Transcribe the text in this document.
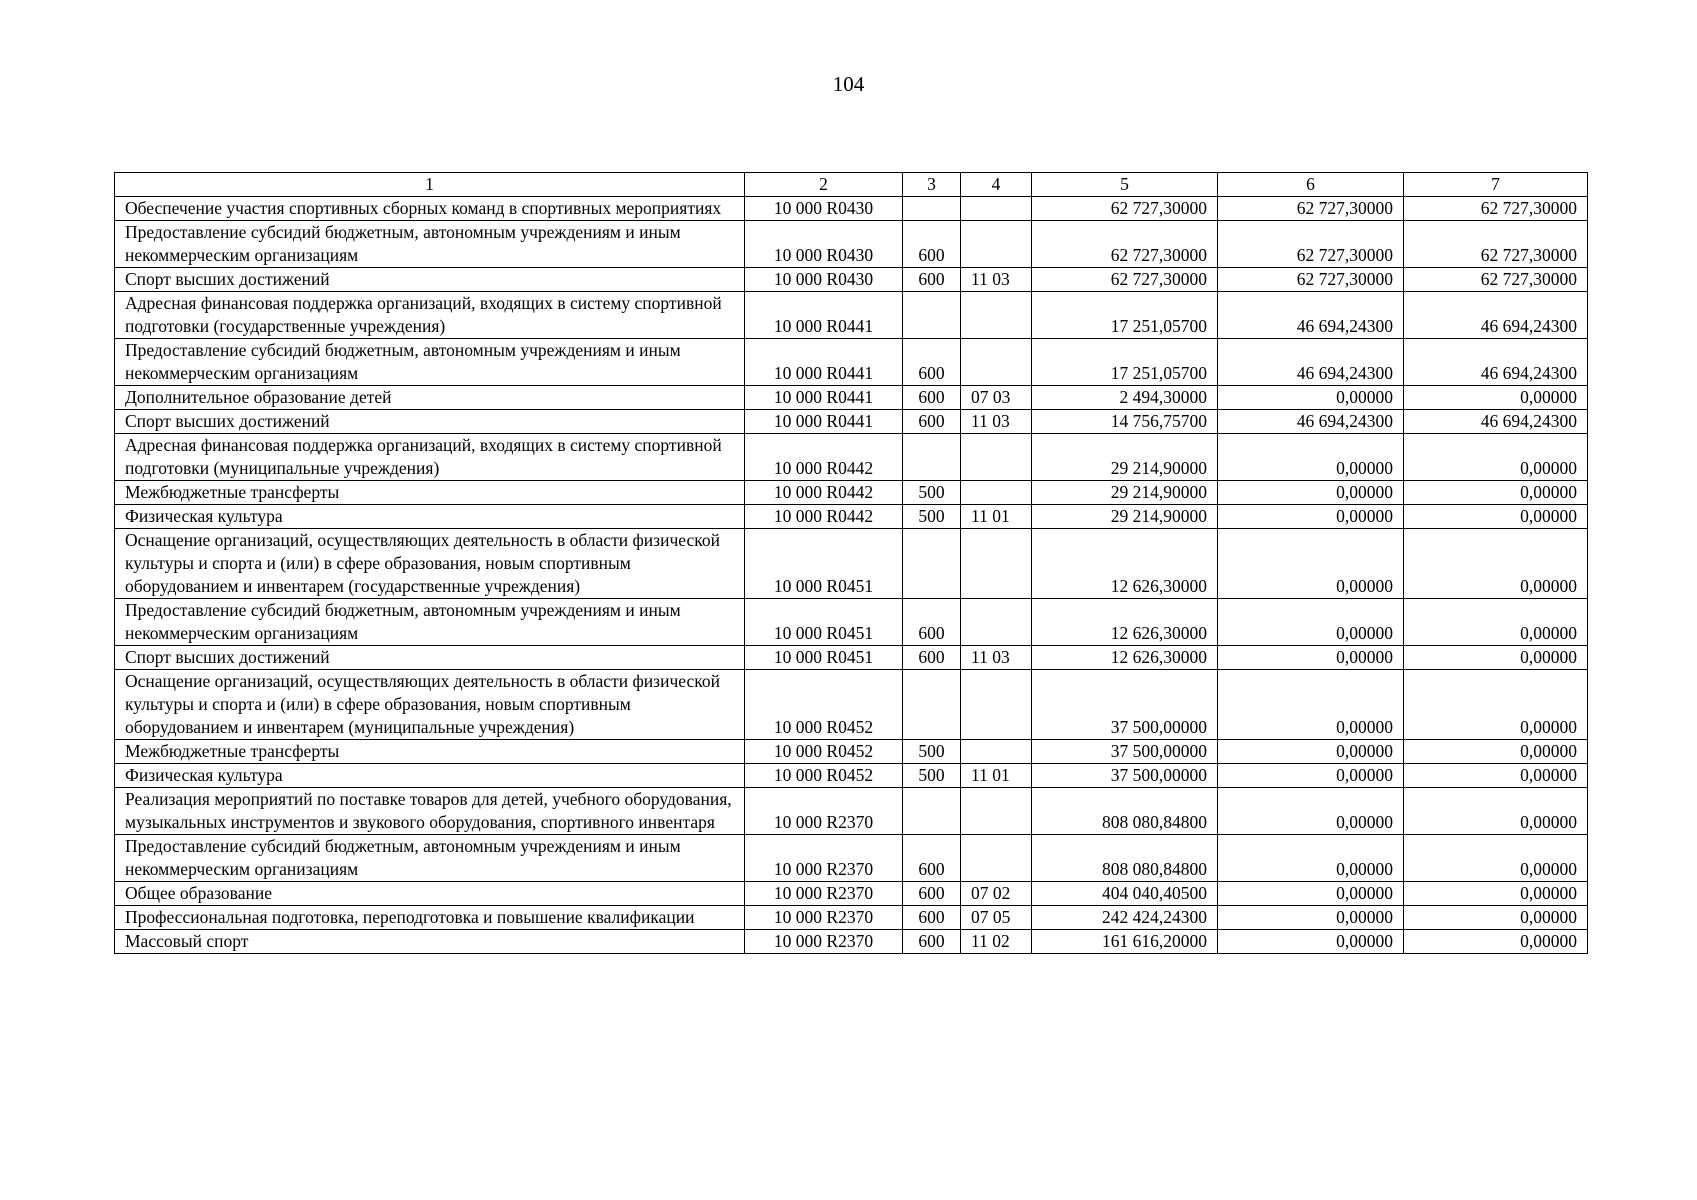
104
1	2	3	4	5	6	7
Обеспечение участия спортивных сборных команд в спортивных мероприятиях	10 000 R0430			62 727,30000	62 727,30000	62 727,30000
Предоставление субсидий бюджетным, автономным учреждениям и иным некоммерческим организациям	10 000 R0430	600		62 727,30000	62 727,30000	62 727,30000
Спорт высших достижений	10 000 R0430	600	11 03	62 727,30000	62 727,30000	62 727,30000
Адресная финансовая поддержка организаций, входящих в систему спортивной подготовки (государственные учреждения)	10 000 R0441			17 251,05700	46 694,24300	46 694,24300
Предоставление субсидий бюджетным, автономным учреждениям и иным некоммерческим организациям	10 000 R0441	600		17 251,05700	46 694,24300	46 694,24300
Дополнительное образование детей	10 000 R0441	600	07 03	2 494,30000	0,00000	0,00000
Спорт высших достижений	10 000 R0441	600	11 03	14 756,75700	46 694,24300	46 694,24300
Адресная финансовая поддержка организаций, входящих в систему спортивной подготовки (муниципальные учреждения)	10 000 R0442			29 214,90000	0,00000	0,00000
Межбюджетные трансферты	10 000 R0442	500		29 214,90000	0,00000	0,00000
Физическая культура	10 000 R0442	500	11 01	29 214,90000	0,00000	0,00000
Оснащение организаций, осуществляющих деятельность в области физической культуры и спорта и (или) в сфере образования, новым спортивным оборудованием и инвентарем (государственные учреждения)	10 000 R0451			12 626,30000	0,00000	0,00000
Предоставление субсидий бюджетным, автономным учреждениям и иным некоммерческим организациям	10 000 R0451	600		12 626,30000	0,00000	0,00000
Спорт высших достижений	10 000 R0451	600	11 03	12 626,30000	0,00000	0,00000
Оснащение организаций, осуществляющих деятельность в области физической культуры и спорта и (или) в сфере образования, новым спортивным оборудованием и инвентарем (муниципальные учреждения)	10 000 R0452			37 500,00000	0,00000	0,00000
Межбюджетные трансферты	10 000 R0452	500		37 500,00000	0,00000	0,00000
Физическая культура	10 000 R0452	500	11 01	37 500,00000	0,00000	0,00000
Реализация мероприятий по поставке товаров для детей, учебного оборудования, музыкальных инструментов и звукового оборудования, спортивного инвентаря	10 000 R2370			808 080,84800	0,00000	0,00000
Предоставление субсидий бюджетным, автономным учреждениям и иным некоммерческим организациям	10 000 R2370	600		808 080,84800	0,00000	0,00000
Общее образование	10 000 R2370	600	07 02	404 040,40500	0,00000	0,00000
Профессиональная подготовка, переподготовка и повышение квалификации	10 000 R2370	600	07 05	242 424,24300	0,00000	0,00000
Массовый спорт	10 000 R2370	600	11 02	161 616,20000	0,00000	0,00000
